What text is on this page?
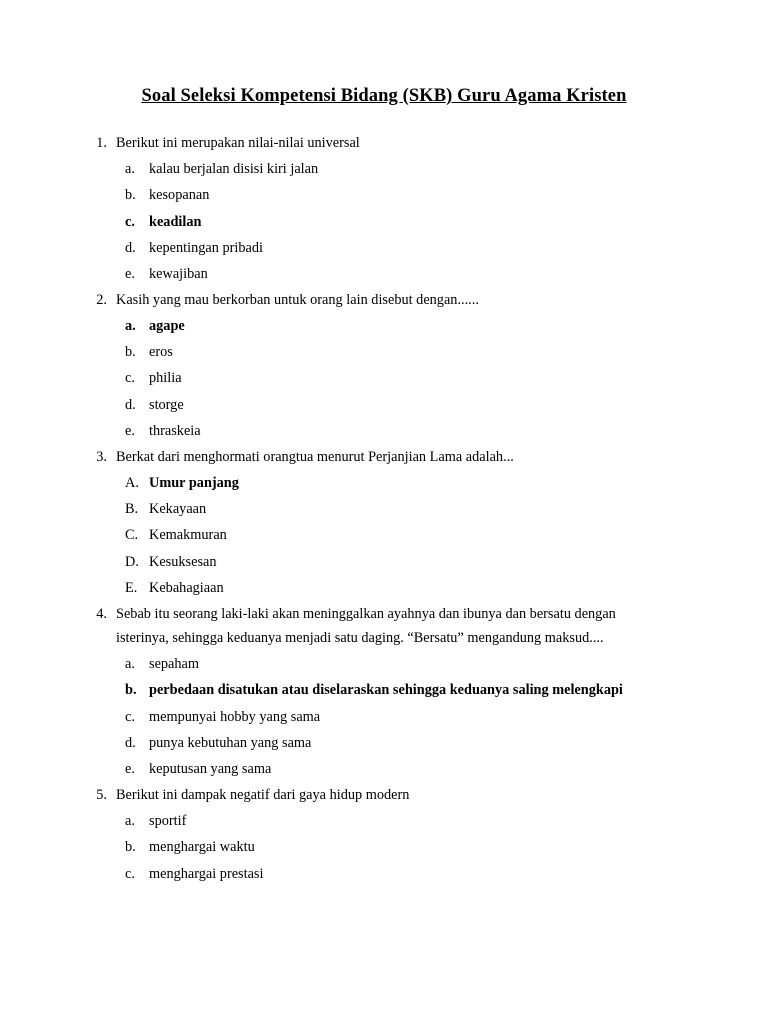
Soal Seleksi Kompetensi Bidang (SKB) Guru Agama Kristen
1. Berikut ini merupakan nilai-nilai universal
a. kalau berjalan disisi kiri jalan
b. kesopanan
c. keadilan
d. kepentingan pribadi
e. kewajiban
2. Kasih yang mau berkorban untuk orang lain disebut dengan......
a. agape
b. eros
c. philia
d. storge
e. thraskeia
3. Berkat dari menghormati orangtua menurut Perjanjian Lama adalah...
A. Umur panjang
B. Kekayaan
C. Kemakmuran
D. Kesuksesan
E. Kebahagiaan
4. Sebab itu seorang laki-laki akan meninggalkan ayahnya dan ibunya dan bersatu dengan isterinya, sehingga keduanya menjadi satu daging. “Bersatu” mengandung maksud....
a. sepaham
b. perbedaan disatukan atau diselaraskan sehingga keduanya saling melengkapi
c. mempunyai hobby yang sama
d. punya kebutuhan yang sama
e. keputusan yang sama
5. Berikut ini dampak negatif dari gaya hidup modern
a. sportif
b. menghargai waktu
c. menghargai prestasi
